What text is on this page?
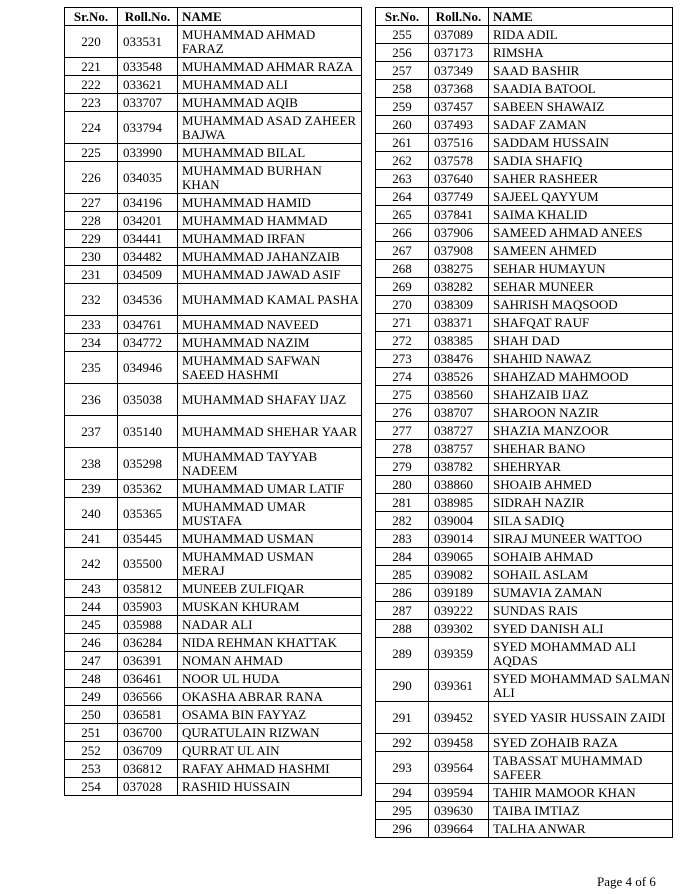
Sr.No.	Roll.No.	NAME
220	033531	MUHAMMAD AHMAD FARAZ
221	033548	MUHAMMAD AHMAR RAZA
222	033621	MUHAMMAD ALI
223	033707	MUHAMMAD AQIB
224	033794	MUHAMMAD ASAD ZAHEER BAJWA
225	033990	MUHAMMAD BILAL
226	034035	MUHAMMAD BURHAN KHAN
227	034196	MUHAMMAD HAMID
228	034201	MUHAMMAD HAMMAD
229	034441	MUHAMMAD IRFAN
230	034482	MUHAMMAD JAHANZAIB
231	034509	MUHAMMAD JAWAD ASIF
232	034536	MUHAMMAD KAMAL PASHA
233	034761	MUHAMMAD NAVEED
234	034772	MUHAMMAD NAZIM
235	034946	MUHAMMAD SAFWAN SAEED HASHMI
236	035038	MUHAMMAD SHAFAY IJAZ
237	035140	MUHAMMAD SHEHAR YAAR
238	035298	MUHAMMAD TAYYAB NADEEM
239	035362	MUHAMMAD UMAR LATIF
240	035365	MUHAMMAD UMAR MUSTAFA
241	035445	MUHAMMAD USMAN
242	035500	MUHAMMAD USMAN MERAJ
243	035812	MUNEEB ZULFIQAR
244	035903	MUSKAN KHURAM
245	035988	NADAR ALI
246	036284	NIDA REHMAN KHATTAK
247	036391	NOMAN AHMAD
248	036461	NOOR UL HUDA
249	036566	OKASHA ABRAR RANA
250	036581	OSAMA BIN FAYYAZ
251	036700	QURATULAIN RIZWAN
252	036709	QURRAT UL AIN
253	036812	RAFAY AHMAD HASHMI
254	037028	RASHID HUSSAIN
Sr.No.	Roll.No.	NAME
255	037089	RIDA ADIL
256	037173	RIMSHA
257	037349	SAAD BASHIR
258	037368	SAADIA BATOOL
259	037457	SABEEN SHAWAIZ
260	037493	SADAF ZAMAN
261	037516	SADDAM HUSSAIN
262	037578	SADIA SHAFIQ
263	037640	SAHER RASHEER
264	037749	SAJEEL QAYYUM
265	037841	SAIMA KHALID
266	037906	SAMEED AHMAD ANEES
267	037908	SAMEEN AHMED
268	038275	SEHAR HUMAYUN
269	038282	SEHAR MUNEER
270	038309	SAHRISH MAQSOOD
271	038371	SHAFQAT RAUF
272	038385	SHAH DAD
273	038476	SHAHID NAWAZ
274	038526	SHAHZAD MAHMOOD
275	038560	SHAHZAIB IJAZ
276	038707	SHAROON NAZIR
277	038727	SHAZIA MANZOOR
278	038757	SHEHAR BANO
279	038782	SHEHRYAR
280	038860	SHOAIB AHMED
281	038985	SIDRAH NAZIR
282	039004	SILA SADIQ
283	039014	SIRAJ MUNEER WATTOO
284	039065	SOHAIB AHMAD
285	039082	SOHAIL ASLAM
286	039189	SUMAVIA ZAMAN
287	039222	SUNDAS RAIS
288	039302	SYED DANISH ALI
289	039359	SYED MOHAMMAD ALI AQDAS
290	039361	SYED MOHAMMAD SALMAN ALI
291	039452	SYED YASIR HUSSAIN ZAIDI
292	039458	SYED ZOHAIB RAZA
293	039564	TABASSAT MUHAMMAD SAFEER
294	039594	TAHIR MAMOOR KHAN
295	039630	TAIBA IMTIAZ
296	039664	TALHA ANWAR
Page 4 of 6
